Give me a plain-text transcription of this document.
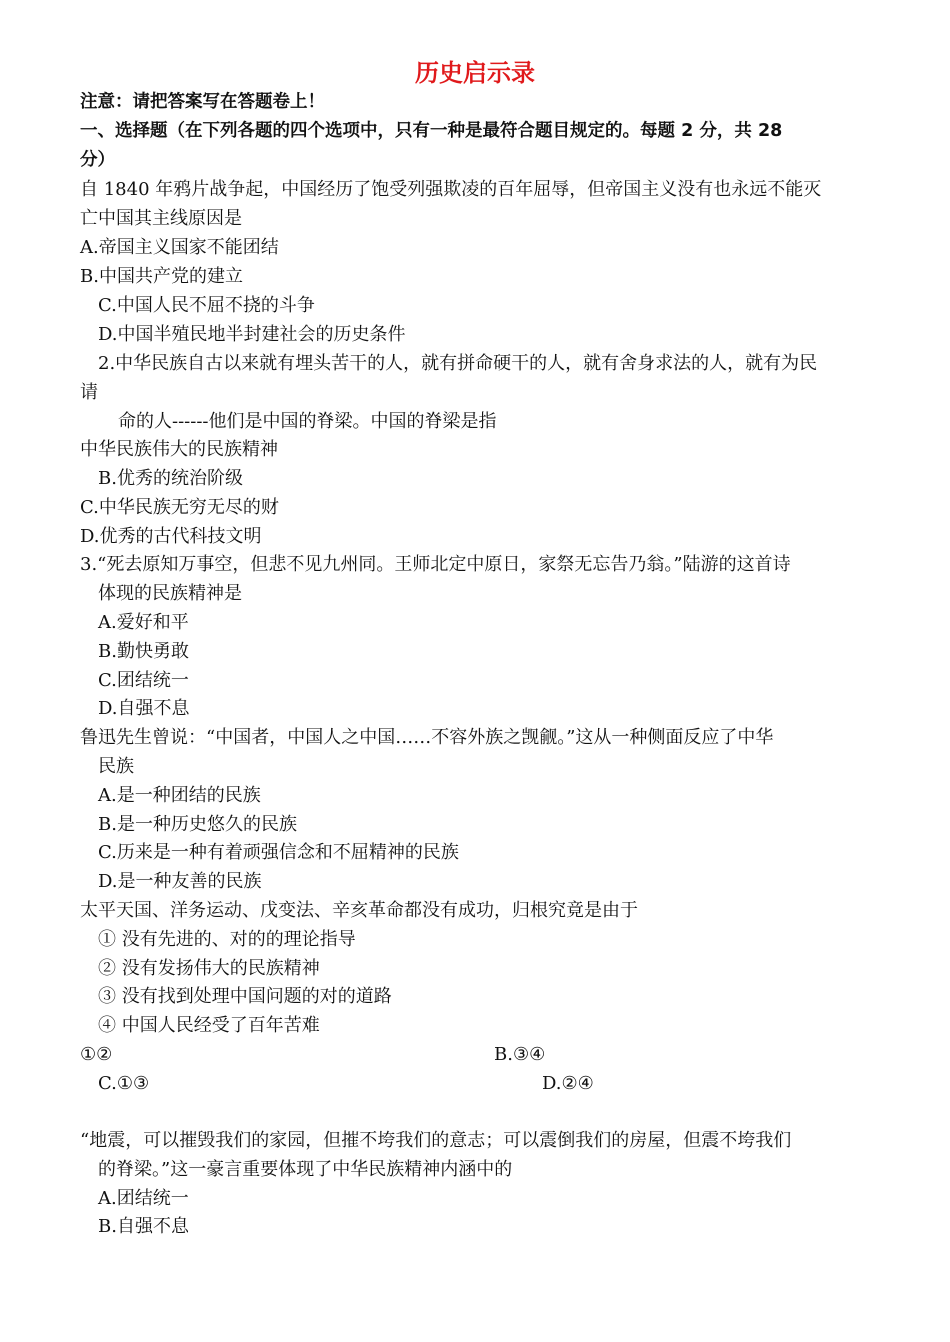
历史启示录
注意：请把答案写在答题卷上！
一、选择题（在下列各题的四个选项中，只有一种是最符合题目规定的。每题 2 分，共 28
分）
自 1840 年鸦片战争起，中国经历了饱受列强欺凌的百年屈辱，但帝国主义没有也永远不能灭
亡中国其主线原因是
A.帝国主义国家不能团结
B.中国共产党的建立
C.中国人民不屈不挠的斗争
D.中国半殖民地半封建社会的历史条件
2.中华民族自古以来就有埋头苦干的人，就有拼命硬干的人，就有舍身求法的人，就有为民
请
命的人------他们是中国的脊梁。中国的脊梁是指
中华民族伟大的民族精神
B.优秀的统治阶级
C.中华民族无穷无尽的财
D.优秀的古代科技文明
3.“死去原知万事空，但悲不见九州同。王师北定中原日，家祭无忘告乃翁。”陆游的这首诗
体现的民族精神是
A.爱好和平
B.勤快勇敢
C.团结统一
D.自强不息
鲁迅先生曾说：“中国者，中国人之中国……不容外族之觊觎。”这从一种侧面反应了中华
民族
A.是一种团结的民族
B.是一种历史悠久的民族
C.历来是一种有着顽强信念和不屈精神的民族
D.是一种友善的民族
太平天国、洋务运动、戊变法、辛亥革命都没有成功，归根究竟是由于
① 没有先进的、对的的理论指导
② 没有发扬伟大的民族精神
③ 没有找到处理中国问题的对的道路
④ 中国人民经受了百年苦难
①②	B.③④
C.①③	D.②④
“地震，可以摧毁我们的家园，但摧不垮我们的意志；可以震倒我们的房屋，但震不垮我们
的脊梁。”这一豪言重要体现了中华民族精神内涵中的
A.团结统一
B.自强不息
